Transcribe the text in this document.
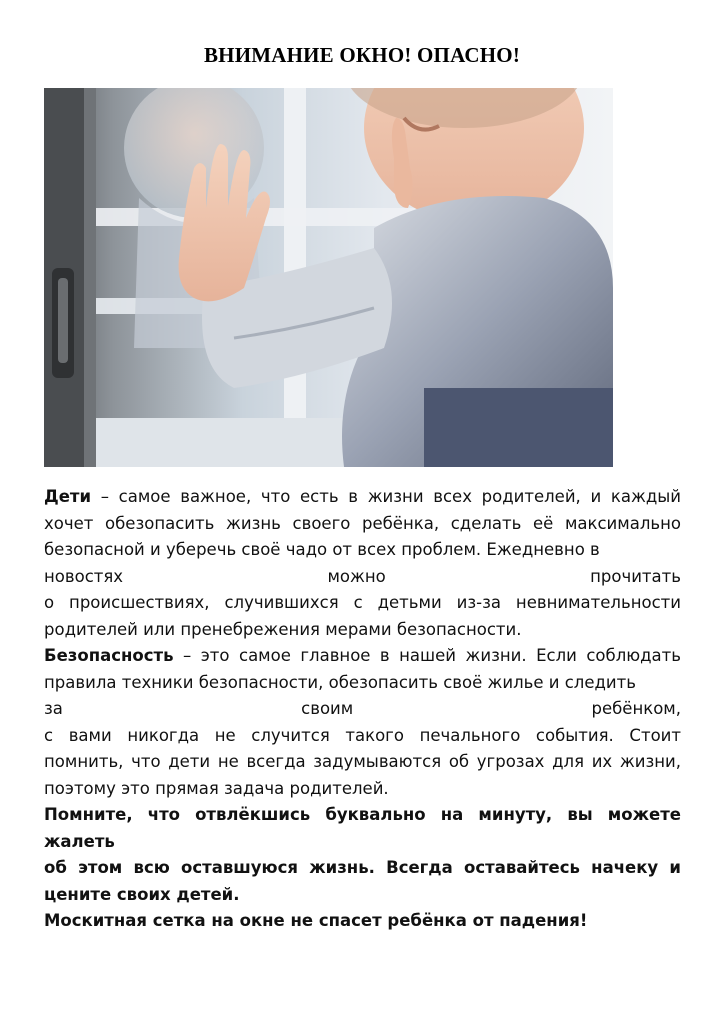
ВНИМАНИЕ ОКНО! ОПАСНО!

Дети – самое важное, что есть в жизни всех родителей, и каждый хочет обезопасить жизнь своего ребёнка, сделать её максимально безопасной и уберечь своё чадо от всех проблем. Ежедневно в
новостях можно прочитать
о происшествиях, случившихся с детьми из-за невнимательности родителей или пренебрежения мерами безопасности.

Безопасность – это самое главное в нашей жизни. Если соблюдать правила техники безопасности, обезопасить своё жилье и следить
за своим ребёнком,
с вами никогда не случится такого печального события. Стоит помнить, что дети не всегда задумываются об угрозах для их жизни, поэтому это прямая задача родителей.

Помните, что отвлёкшись буквально на минуту, вы можете жалеть
об этом всю оставшуюся жизнь. Всегда оставайтесь начеку и цените своих детей.

Москитная сетка на окне не спасет ребёнка от падения!
